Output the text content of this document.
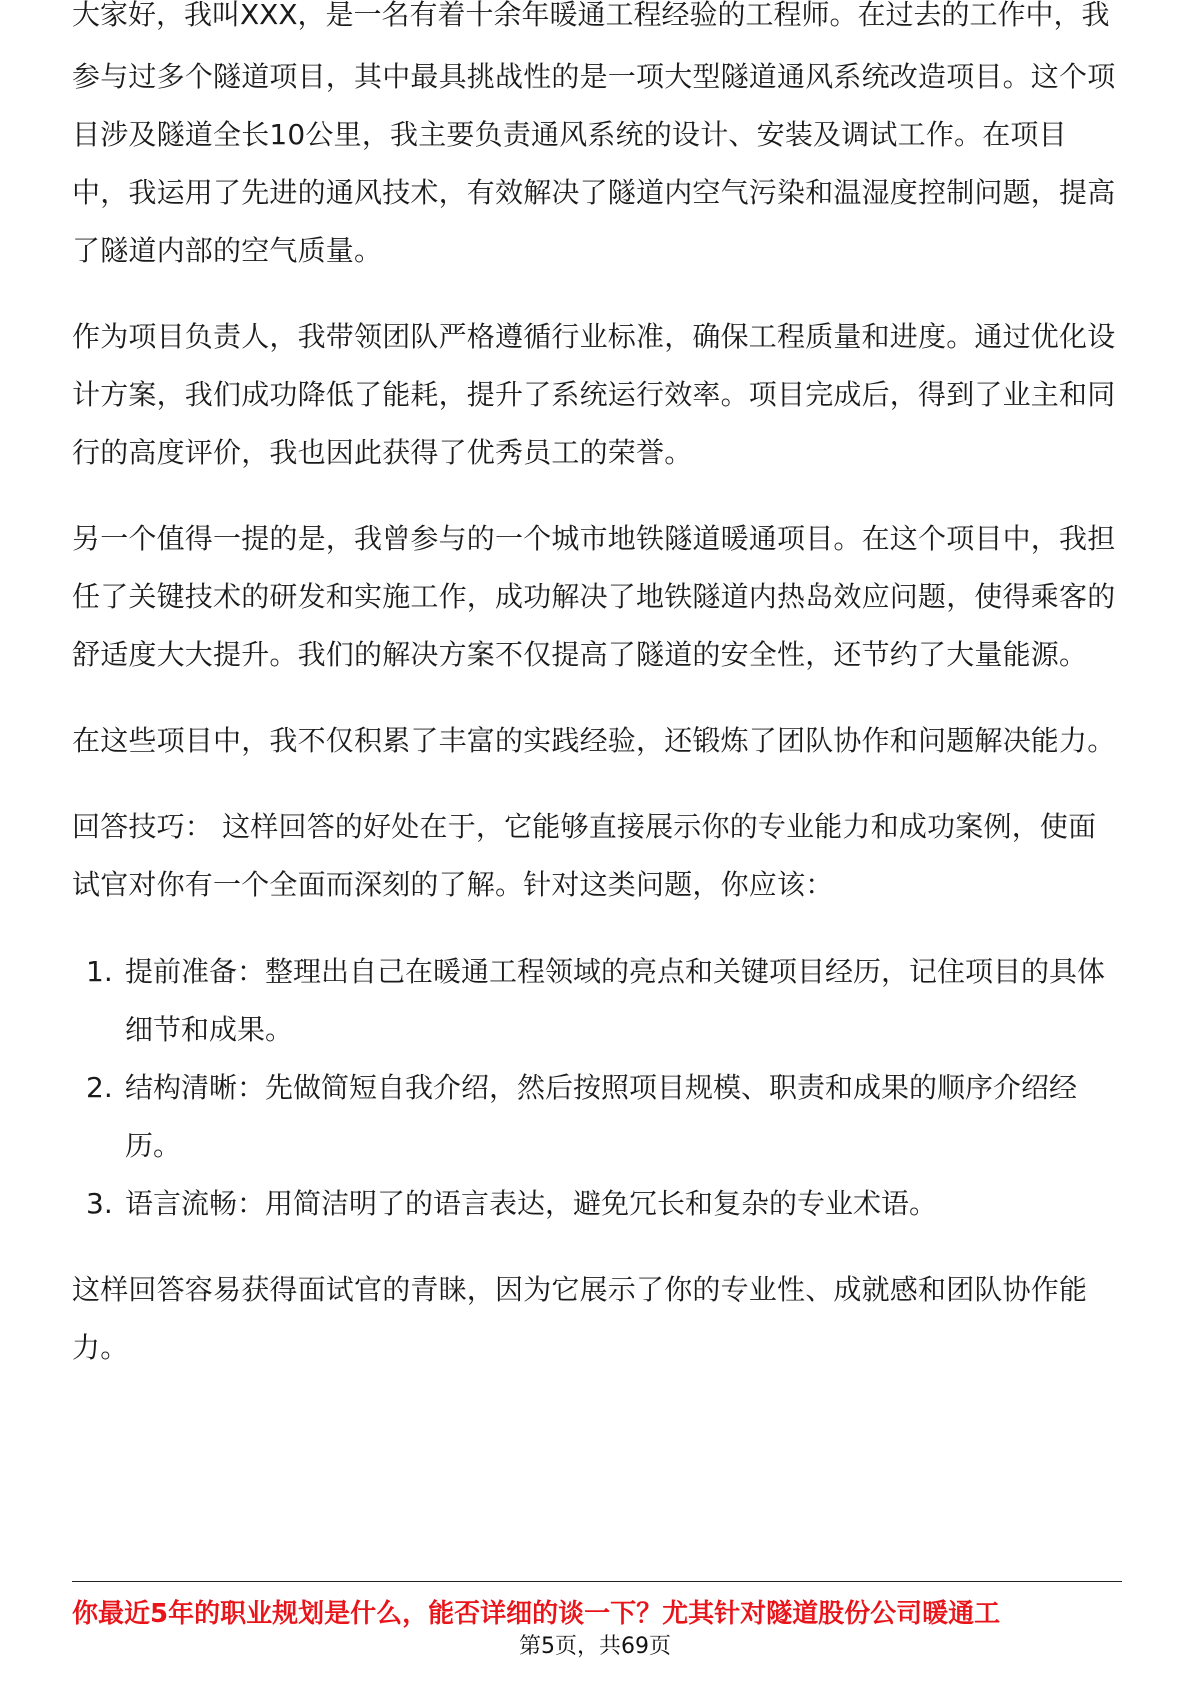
大家好，我叫XXX，是一名有着十余年暖通工程经验的工程师。在过去的工作中，我

参与过多个隧道项目，其中最具挑战性的是一项大型隧道通风系统改造项目。这个项目涉及隧道全长10公里，我主要负责通风系统的设计、安装及调试工作。在项目中，我运用了先进的通风技术，有效解决了隧道内空气污染和温湿度控制问题，提高了隧道内部的空气质量。

作为项目负责人，我带领团队严格遵循行业标准，确保工程质量和进度。通过优化设计方案，我们成功降低了能耗，提升了系统运行效率。项目完成后，得到了业主和同行的高度评价，我也因此获得了优秀员工的荣誉。

另一个值得一提的是，我曾参与的一个城市地铁隧道暖通项目。在这个项目中，我担任了关键技术的研发和实施工作，成功解决了地铁隧道内热岛效应问题，使得乘客的舒适度大大提升。我们的解决方案不仅提高了隧道的安全性，还节约了大量能源。

在这些项目中，我不仅积累了丰富的实践经验，还锻炼了团队协作和问题解决能力。

回答技巧： 这样回答的好处在于，它能够直接展示你的专业能力和成功案例，使面试官对你有一个全面而深刻的了解。针对这类问题，你应该：

1. 提前准备：整理出自己在暖通工程领域的亮点和关键项目经历，记住项目的具体细节和成果。
2. 结构清晰：先做简短自我介绍，然后按照项目规模、职责和成果的顺序介绍经历。
3. 语言流畅：用简洁明了的语言表达，避免冗长和复杂的专业术语。

这样回答容易获得面试官的青睐，因为它展示了你的专业性、成就感和团队协作能力。

你最近5年的职业规划是什么，能否详细的谈一下？尤其针对隧道股份公司暖通工
第5页，共69页
